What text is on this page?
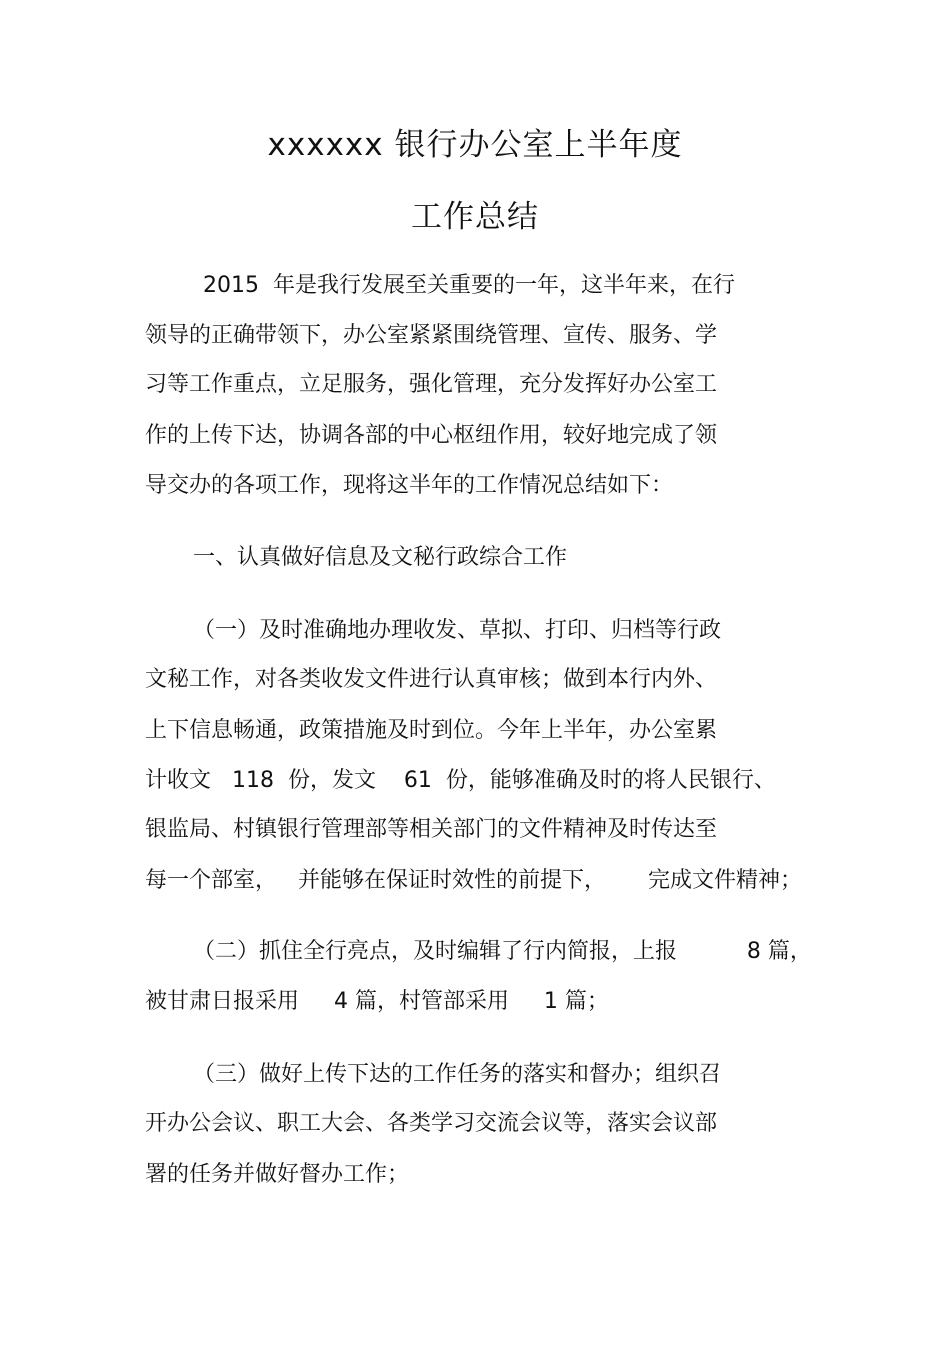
xxxxxx 银行办公室上半年度
工作总结
2015  年是我行发展至关重要的一年，这半年来，在行
领导的正确带领下，办公室紧紧围绕管理、宣传、服务、学
习等工作重点，立足服务，强化管理，充分发挥好办公室工
作的上传下达，协调各部的中心枢纽作用，较好地完成了领
导交办的各项工作，现将这半年的工作情况总结如下：
一、认真做好信息及文秘行政综合工作
（一）及时准确地办理收发、草拟、打印、归档等行政
文秘工作，对各类收发文件进行认真审核；做到本行内外、
上下信息畅通，政策措施及时到位。今年上半年，办公室累
计收文   118  份，发文    61  份，能够准确及时的将人民银行、
银监局、村镇银行管理部等相关部门的文件精神及时传达至
每一个部室，   并能够在保证时效性的前提下，      完成文件精神；
（二）抓住全行亮点，及时编辑了行内简报，上报          8 篇，
被甘肃日报采用     4 篇，村管部采用     1 篇；
（三）做好上传下达的工作任务的落实和督办；组织召
开办公会议、职工大会、各类学习交流会议等，落实会议部
署的任务并做好督办工作；
